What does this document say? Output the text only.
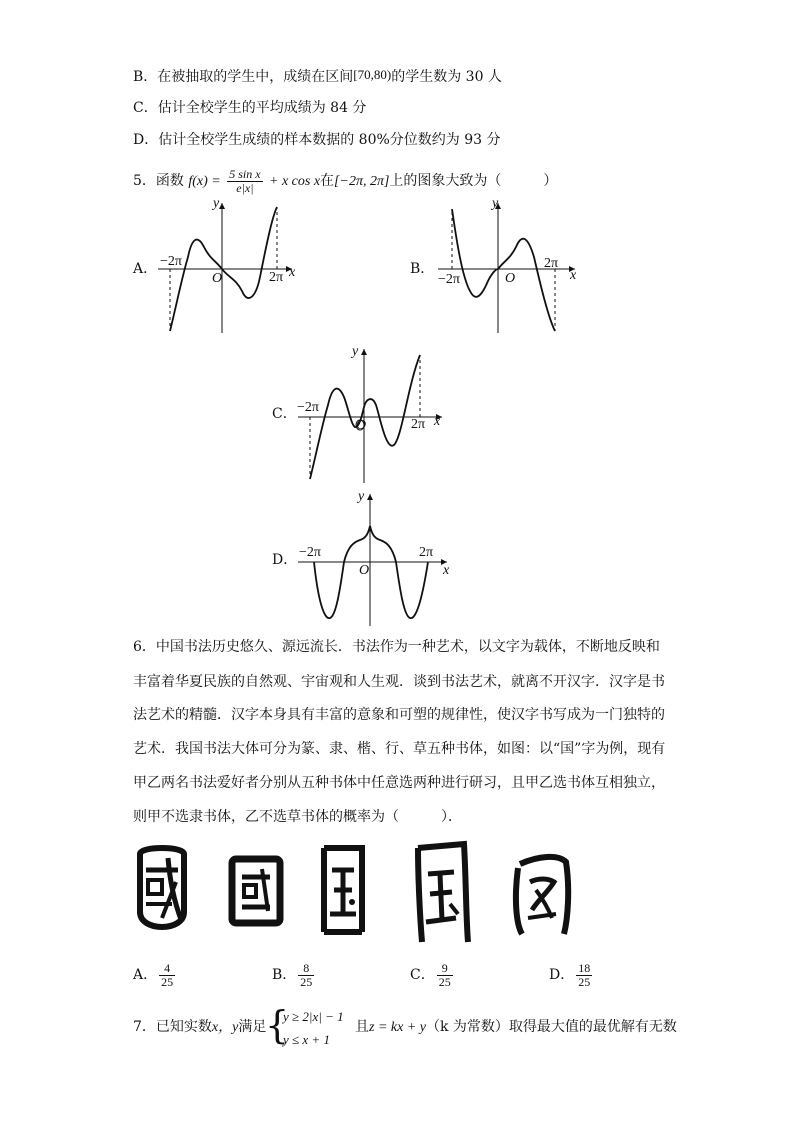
B．在被抽取的学生中，成绩在区间[70,80)的学生数为 30 人
C．估计全校学生的平均成绩为 84 分
D．估计全校学生成绩的样本数据的 80%分位数约为 93 分
5．函数 $f(x) = \frac{\text{5 sin x}}{e|x|} + x$ cos x在[−2π, 2π]上的图象大致为（　　　）
A． −2π
2π
O	x
y
B．
−2π
2π
O	x
y
C． −2π
2π
O	x
y
D． −2π	2π
O	x
y
6．中国书法历史悠久、源远流长．书法作为一种艺术，以文字为载体，不断地反映和
丰富着华夏民族的自然观、宇宙观和人生观．谈到书法艺术，就离不开汉字．汉字是书
法艺术的精髓．汉字本身具有丰富的意象和可塑的规律性，使汉字书写成为一门独特的
艺术．我国书法大体可分为篆、隶、楷、行、草五种书体，如图：以“国”字为例，现有
甲乙两名书法爱好者分别从五种书体中任意选两种进行研习，且甲乙选书体互相独立，
则甲不选隶书体，乙不选草书体的概率为（　　　）．
A． $\frac{4}{25}$	B． $\frac{8}{25}$	C． $\frac{9}{25}$	D． $\frac{18}{25}$
7．已知实数x，y满足
{
y ≥ 2|x| − 1
y ≤ x + 1
且z = kx + y（k 为常数）取得最大值的最优解有无数
